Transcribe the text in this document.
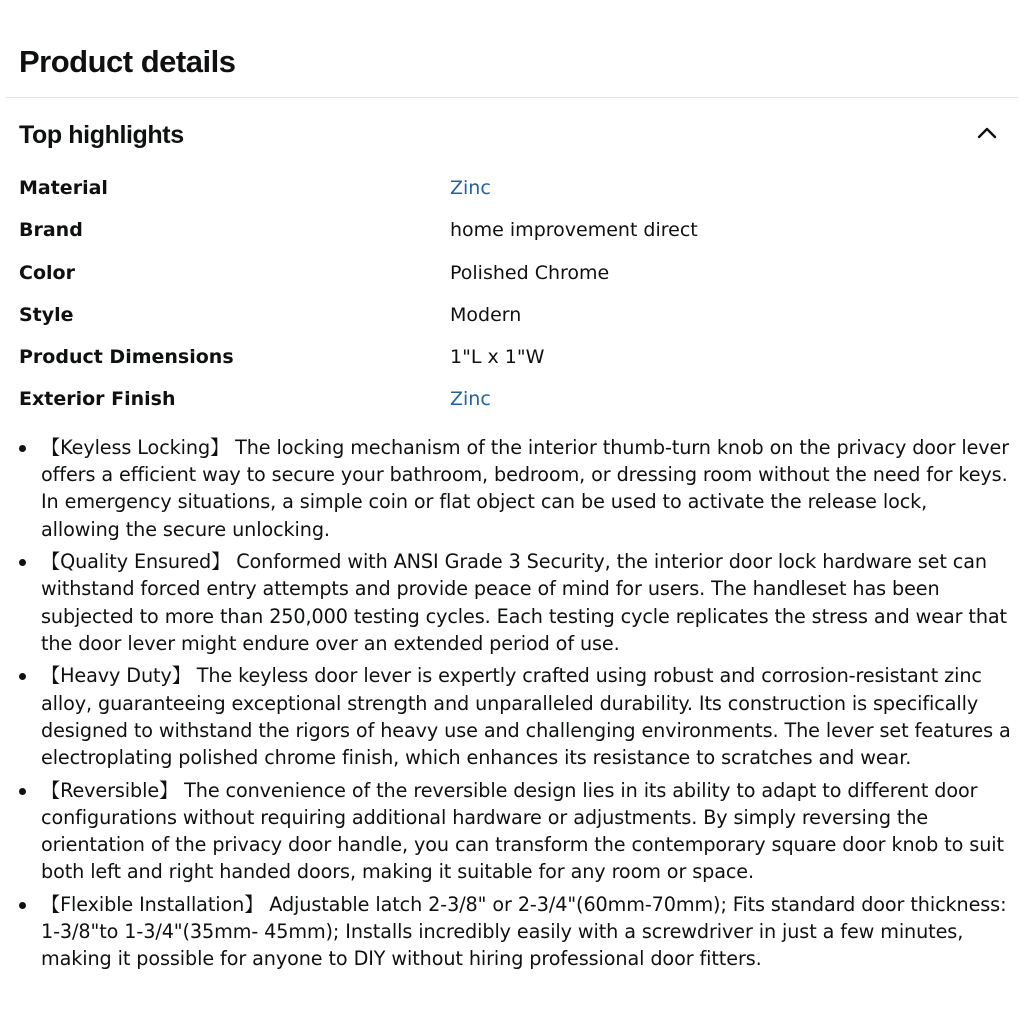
Product details
Top highlights
Material	Zinc
Brand	home improvement direct
Color	Polished Chrome
Style	Modern
Product Dimensions	1"L x 1"W
Exterior Finish	Zinc
【Keyless Locking】 The locking mechanism of the interior thumb-turn knob on the privacy door lever offers a efficient way to secure your bathroom, bedroom, or dressing room without the need for keys. In emergency situations, a simple coin or flat object can be used to activate the release lock, allowing the secure unlocking.
【Quality Ensured】 Conformed with ANSI Grade 3 Security, the interior door lock hardware set can withstand forced entry attempts and provide peace of mind for users. The handleset has been subjected to more than 250,000 testing cycles. Each testing cycle replicates the stress and wear that the door lever might endure over an extended period of use.
【Heavy Duty】 The keyless door lever is expertly crafted using robust and corrosion-resistant zinc alloy, guaranteeing exceptional strength and unparalleled durability. Its construction is specifically designed to withstand the rigors of heavy use and challenging environments. The lever set features a electroplating polished chrome finish, which enhances its resistance to scratches and wear.
【Reversible】 The convenience of the reversible design lies in its ability to adapt to different door configurations without requiring additional hardware or adjustments. By simply reversing the orientation of the privacy door handle, you can transform the contemporary square door knob to suit both left and right handed doors, making it suitable for any room or space.
【Flexible Installation】 Adjustable latch 2-3/8" or 2-3/4"(60mm-70mm); Fits standard door thickness: 1-3/8"to 1-3/4"(35mm- 45mm); Installs incredibly easily with a screwdriver in just a few minutes, making it possible for anyone to DIY without hiring professional door fitters.
